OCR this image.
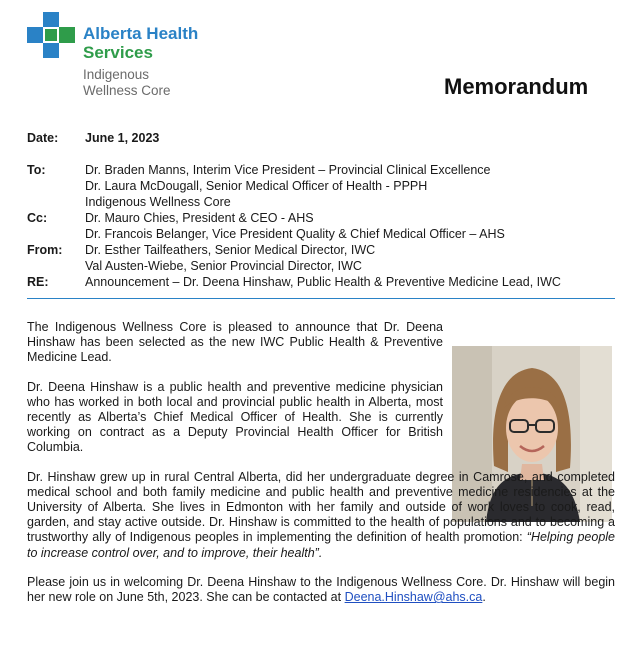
Alberta Health
Services
Indigenous
Wellness Core	Memorandum
Date:	June 1, 2023
To:	Dr. Braden Manns, Interim Vice President – Provincial Clinical Excellence
Dr. Laura McDougall, Senior Medical Officer of Health - PPPH
Indigenous Wellness Core
Cc:	Dr. Mauro Chies, President & CEO - AHS
Dr. Francois Belanger, Vice President Quality & Chief Medical Officer – AHS
From:	Dr. Esther Tailfeathers, Senior Medical Director, IWC
Val Austen-Wiebe, Senior Provincial Director, IWC
RE:	Announcement – Dr. Deena Hinshaw, Public Health & Preventive Medicine Lead, IWC

The Indigenous Wellness Core is pleased to announce that Dr. Deena Hinshaw has been selected as the new IWC Public Health & Preventive Medicine Lead.

Dr. Deena Hinshaw is a public health and preventive medicine physician who has worked in both local and provincial public health in Alberta, most recently as Alberta’s Chief Medical Officer of Health. She is currently working on contract as a Deputy Provincial Health Officer for British Columbia.

Dr. Hinshaw grew up in rural Central Alberta, did her undergraduate degree in Camrose, and completed medical school and both family medicine and public health and preventive medicine residencies at the University of Alberta. She lives in Edmonton with her family and outside of work loves to cook, read, garden, and stay active outside. Dr. Hinshaw is committed to the health of populations and to becoming a trustworthy ally of Indigenous peoples in implementing the definition of health promotion: “Helping people to increase control over, and to improve, their health”.

Please join us in welcoming Dr. Deena Hinshaw to the Indigenous Wellness Core. Dr. Hinshaw will begin her new role on June 5th, 2023. She can be contacted at Deena.Hinshaw@ahs.ca.
